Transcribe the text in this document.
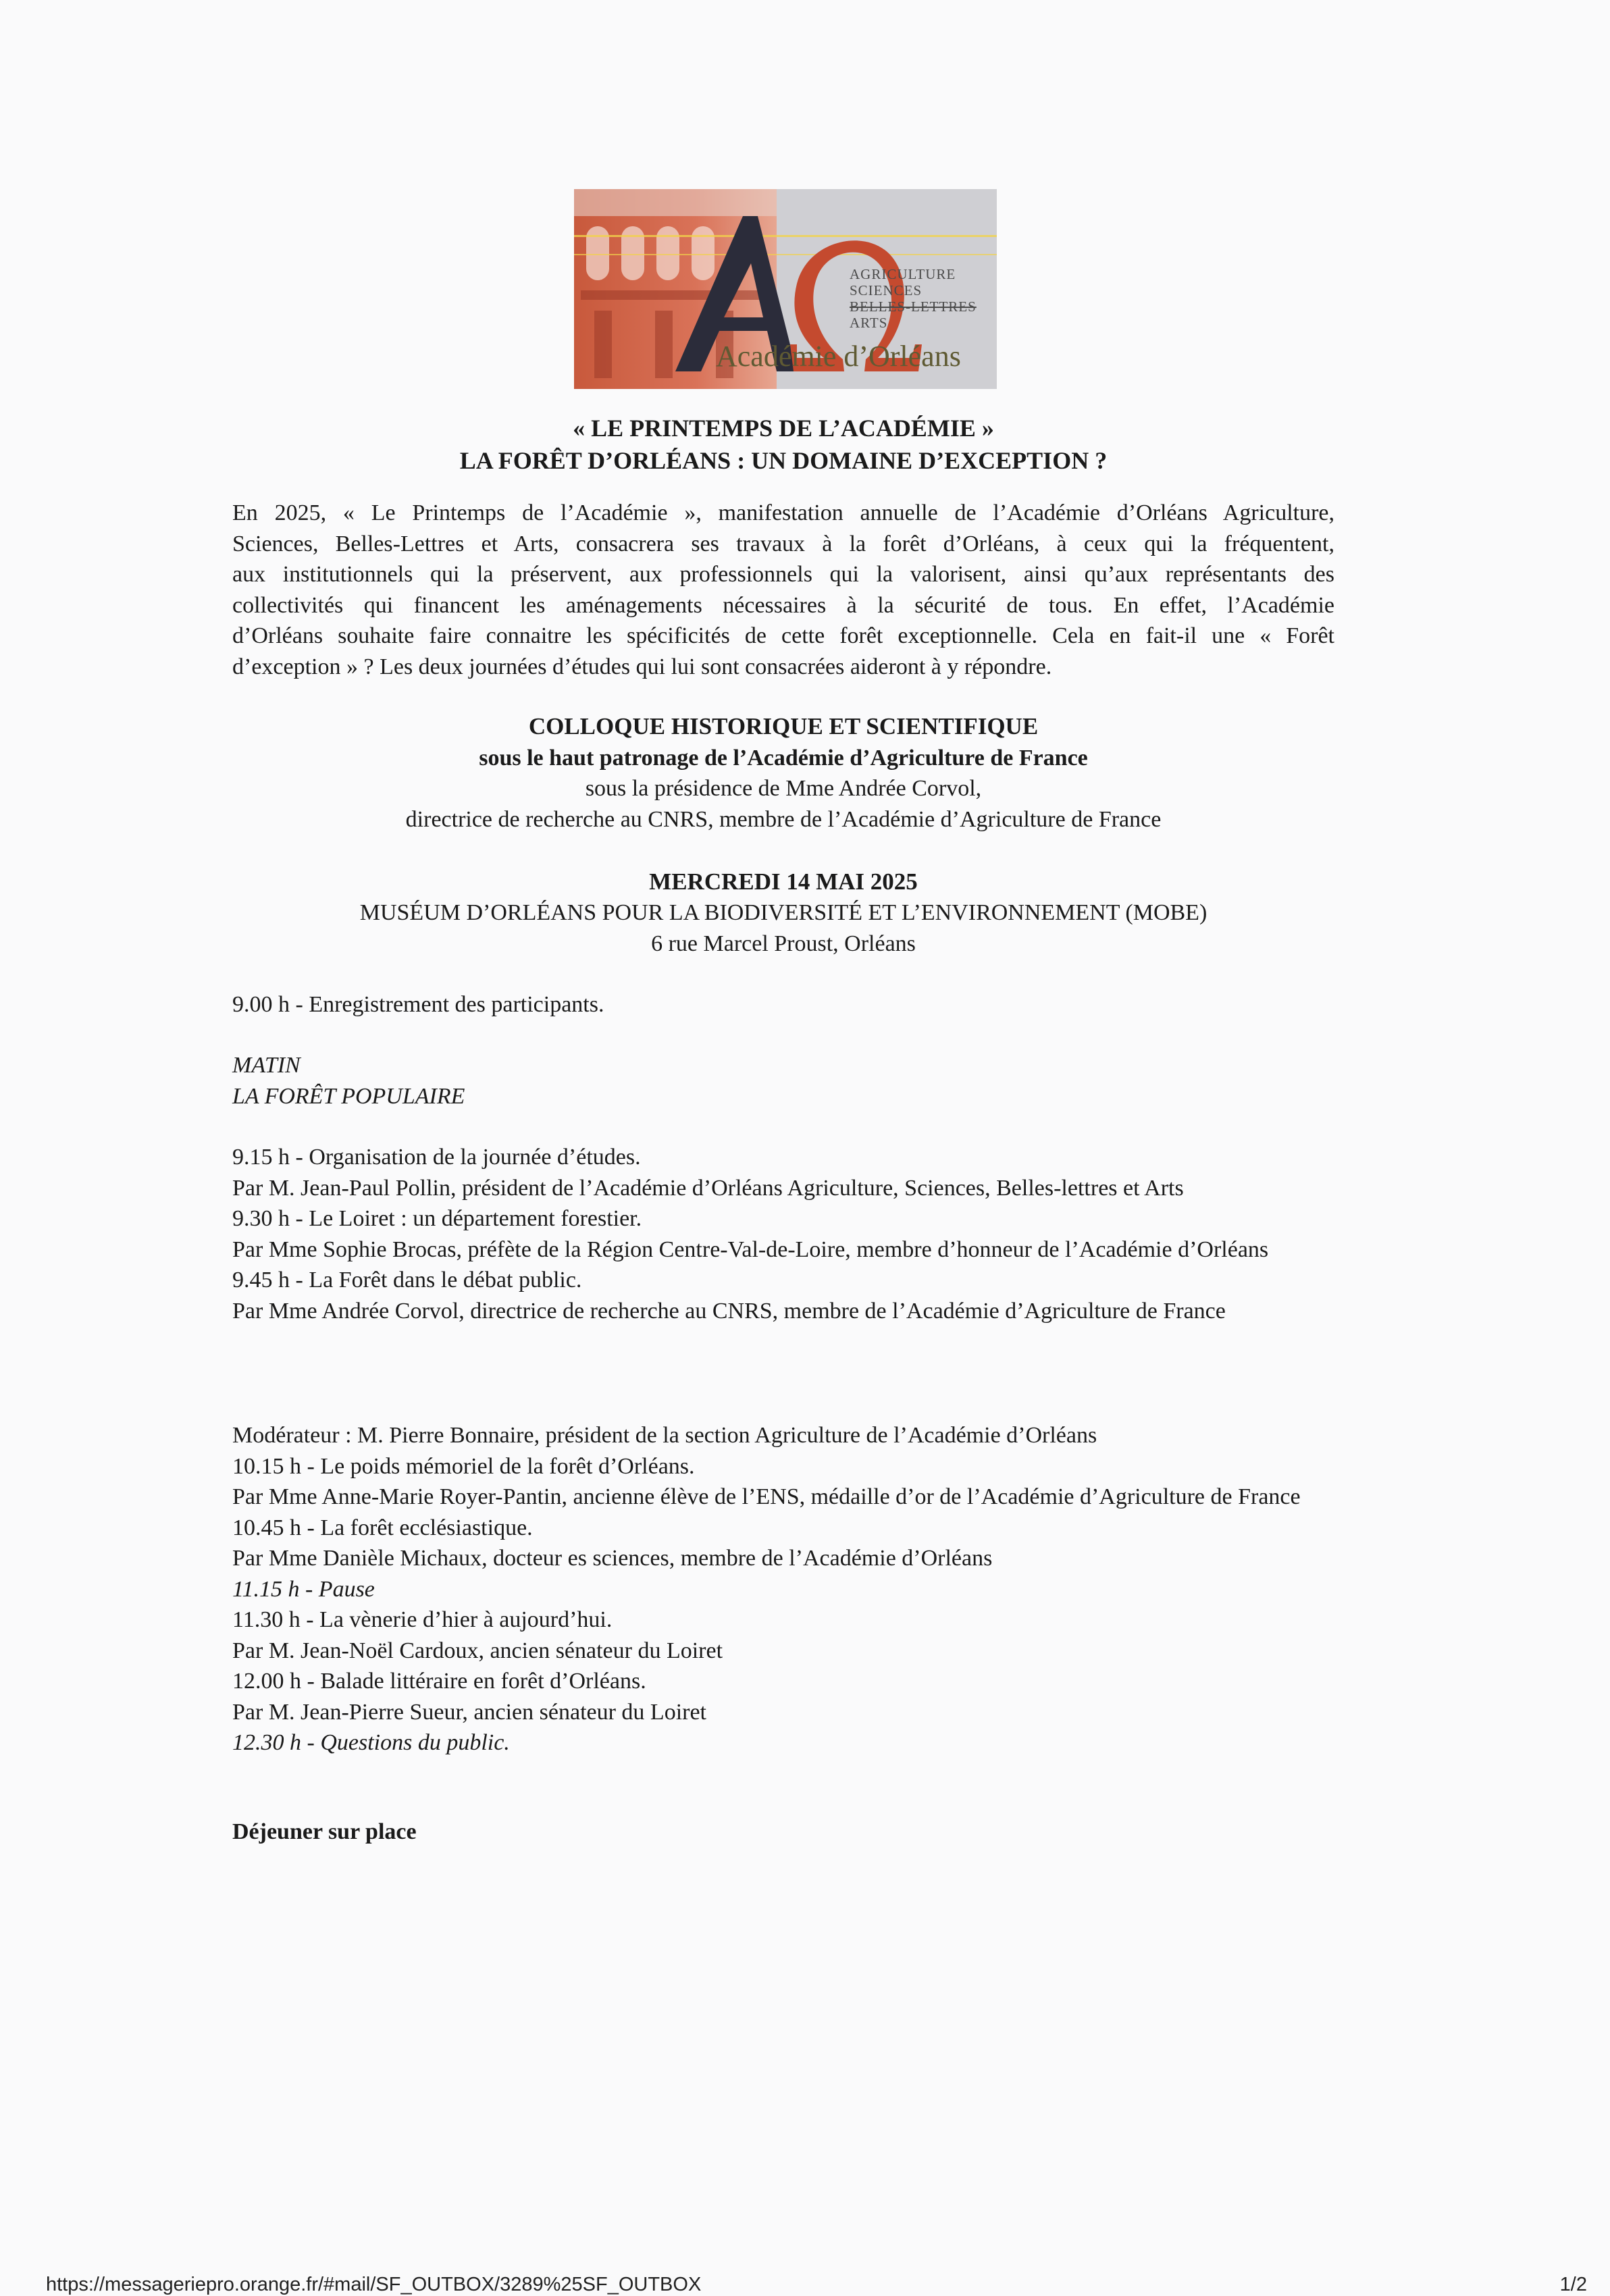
AGRICULTURE
SCIENCES
BELLES-LETTRES
ARTS
Académie d’Orléans
« LE PRINTEMPS DE L’ACADÉMIE »
LA FORÊT D’ORLÉANS : UN DOMAINE D’EXCEPTION ?
En 2025, « Le Printemps de l’Académie », manifestation annuelle de l’Académie d’Orléans Agriculture,
Sciences, Belles-Lettres et Arts, consacrera ses travaux à la forêt d’Orléans, à ceux qui la fréquentent,
aux institutionnels qui la préservent, aux professionnels qui la valorisent, ainsi qu’aux représentants des
collectivités qui financent les aménagements nécessaires à la sécurité de tous. En effet, l’Académie
d’Orléans souhaite faire connaitre les spécificités de cette forêt exceptionnelle. Cela en fait-il une « Forêt
d’exception » ? Les deux journées d’études qui lui sont consacrées aideront à y répondre.
COLLOQUE HISTORIQUE ET SCIENTIFIQUE
sous le haut patronage de l’Académie d’Agriculture de France
sous la présidence de Mme Andrée Corvol,
directrice de recherche au CNRS, membre de l’Académie d’Agriculture de France
MERCREDI 14 MAI 2025
MUSÉUM D’ORLÉANS POUR LA BIODIVERSITÉ ET L’ENVIRONNEMENT (MOBE)
6 rue Marcel Proust, Orléans
9.00 h - Enregistrement des participants.
MATIN
LA FORÊT POPULAIRE
9.15 h - Organisation de la journée d’études.
Par M. Jean-Paul Pollin, président de l’Académie d’Orléans Agriculture, Sciences, Belles-lettres et Arts
9.30 h - Le Loiret : un département forestier.
Par Mme Sophie Brocas, préfète de la Région Centre-Val-de-Loire, membre d’honneur de l’Académie d’Orléans
9.45 h - La Forêt dans le débat public.
Par Mme Andrée Corvol, directrice de recherche au CNRS, membre de l’Académie d’Agriculture de France
Modérateur : M. Pierre Bonnaire, président de la section Agriculture de l’Académie d’Orléans
10.15 h - Le poids mémoriel de la forêt d’Orléans.
Par Mme Anne-Marie Royer-Pantin, ancienne élève de l’ENS, médaille d’or de l’Académie d’Agriculture de France
10.45 h - La forêt ecclésiastique.
Par Mme Danièle Michaux, docteur es sciences, membre de l’Académie d’Orléans
11.15 h - Pause
11.30 h - La vènerie d’hier à aujourd’hui.
Par M. Jean-Noël Cardoux, ancien sénateur du Loiret
12.00 h - Balade littéraire en forêt d’Orléans.
Par M. Jean-Pierre Sueur, ancien sénateur du Loiret
12.30 h - Questions du public.
Déjeuner sur place
https://messageriepro.orange.fr/#mail/SF_OUTBOX/3289%25SF_OUTBOX	1/2
